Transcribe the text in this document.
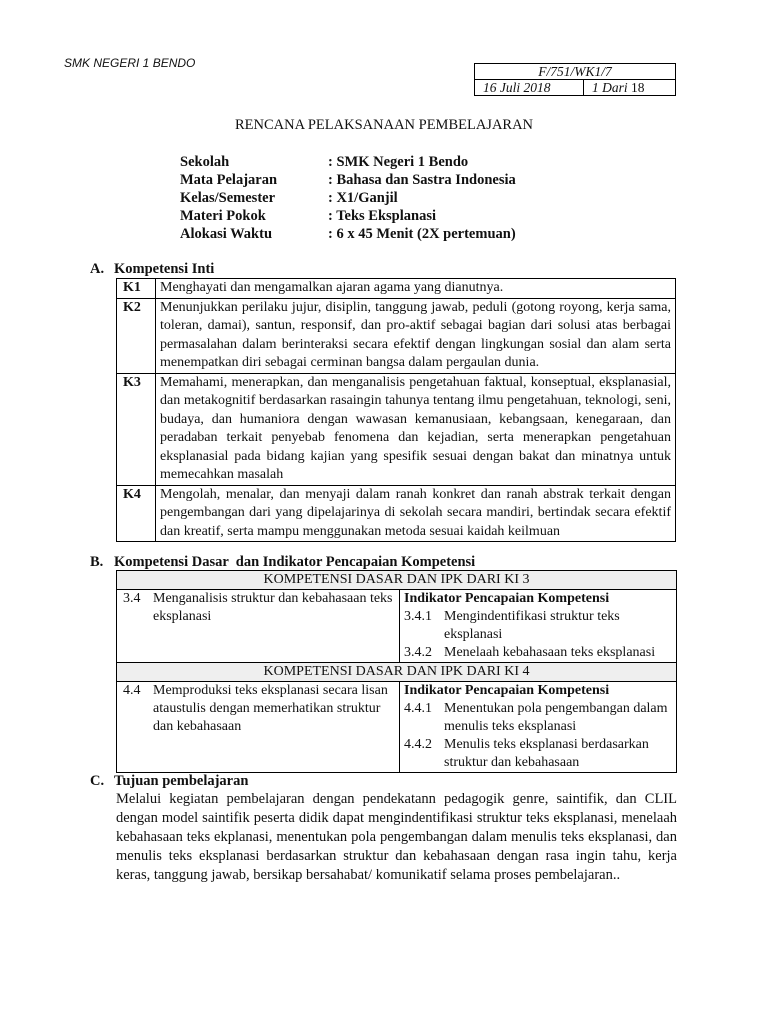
SMK NEGERI 1 BENDO
F/751/WK1/7
16 Juli 2018	1 Dari 18
RENCANA PELAKSANAAN PEMBELAJARAN
Sekolah	: SMK Negeri 1 Bendo
Mata Pelajaran	: Bahasa dan Sastra Indonesia
Kelas/Semester	: X1/Ganjil
Materi Pokok	: Teks Eksplanasi
Alokasi Waktu	: 6 x 45 Menit (2X pertemuan)
A. Kompetensi Inti
K1	Menghayati dan mengamalkan ajaran agama yang dianutnya.
K2	Menunjukkan perilaku jujur, disiplin, tanggung jawab, peduli (gotong royong, kerja sama, toleran, damai), santun, responsif, dan pro-aktif sebagai bagian dari solusi atas berbagai permasalahan dalam berinteraksi secara efektif dengan lingkungan sosial dan alam serta menempatkan diri sebagai cerminan bangsa dalam pergaulan dunia.
K3	Memahami, menerapkan, dan menganalisis pengetahuan faktual, konseptual, eksplanasial, dan metakognitif berdasarkan rasaingin tahunya tentang ilmu pengetahuan, teknologi, seni, budaya, dan humaniora dengan wawasan kemanusiaan, kebangsaan, kenegaraan, dan peradaban terkait penyebab fenomena dan kejadian, serta menerapkan pengetahuan eksplanasial pada bidang kajian yang spesifik sesuai dengan bakat dan minatnya untuk memecahkan masalah
K4	Mengolah, menalar, dan menyaji dalam ranah konkret dan ranah abstrak terkait dengan pengembangan dari yang dipelajarinya di sekolah secara mandiri, bertindak secara efektif dan kreatif, serta mampu menggunakan metoda sesuai kaidah keilmuan
B. Kompetensi Dasar  dan Indikator Pencapaian Kompetensi
KOMPETENSI DASAR DAN IPK DARI KI 3	

3.4 Menganalisis struktur dan kebahasaan teks eksplanasi	Indikator Pencapaian Kompetensi
3.4.1 Mengindentifikasi struktur teks eksplanasi
3.4.2 Menelaah kebahasaan teks eksplanasi

KOMPETENSI DASAR DAN IPK DARI KI 4	

4.4 Memproduksi teks eksplanasi secara lisan ataustulis dengan memerhatikan struktur dan kebahasaan	Indikator Pencapaian Kompetensi
4.4.1 Menentukan pola pengembangan dalam menulis teks eksplanasi
4.4.2 Menulis teks eksplanasi berdasarkan struktur dan kebahasaan
C. Tujuan pembelajaran
Melalui kegiatan pembelajaran dengan pendekatann pedagogik genre, saintifik, dan CLIL dengan model saintifik peserta didik dapat mengindentifikasi struktur teks eksplanasi, menelaah kebahasaan teks ekplanasi, menentukan pola pengembangan dalam menulis teks eksplanasi, dan menulis teks eksplanasi berdasarkan struktur dan kebahasaan dengan rasa ingin tahu, kerja keras, tanggung jawab, bersikap bersahabat/ komunikatif selama proses pembelajaran..
